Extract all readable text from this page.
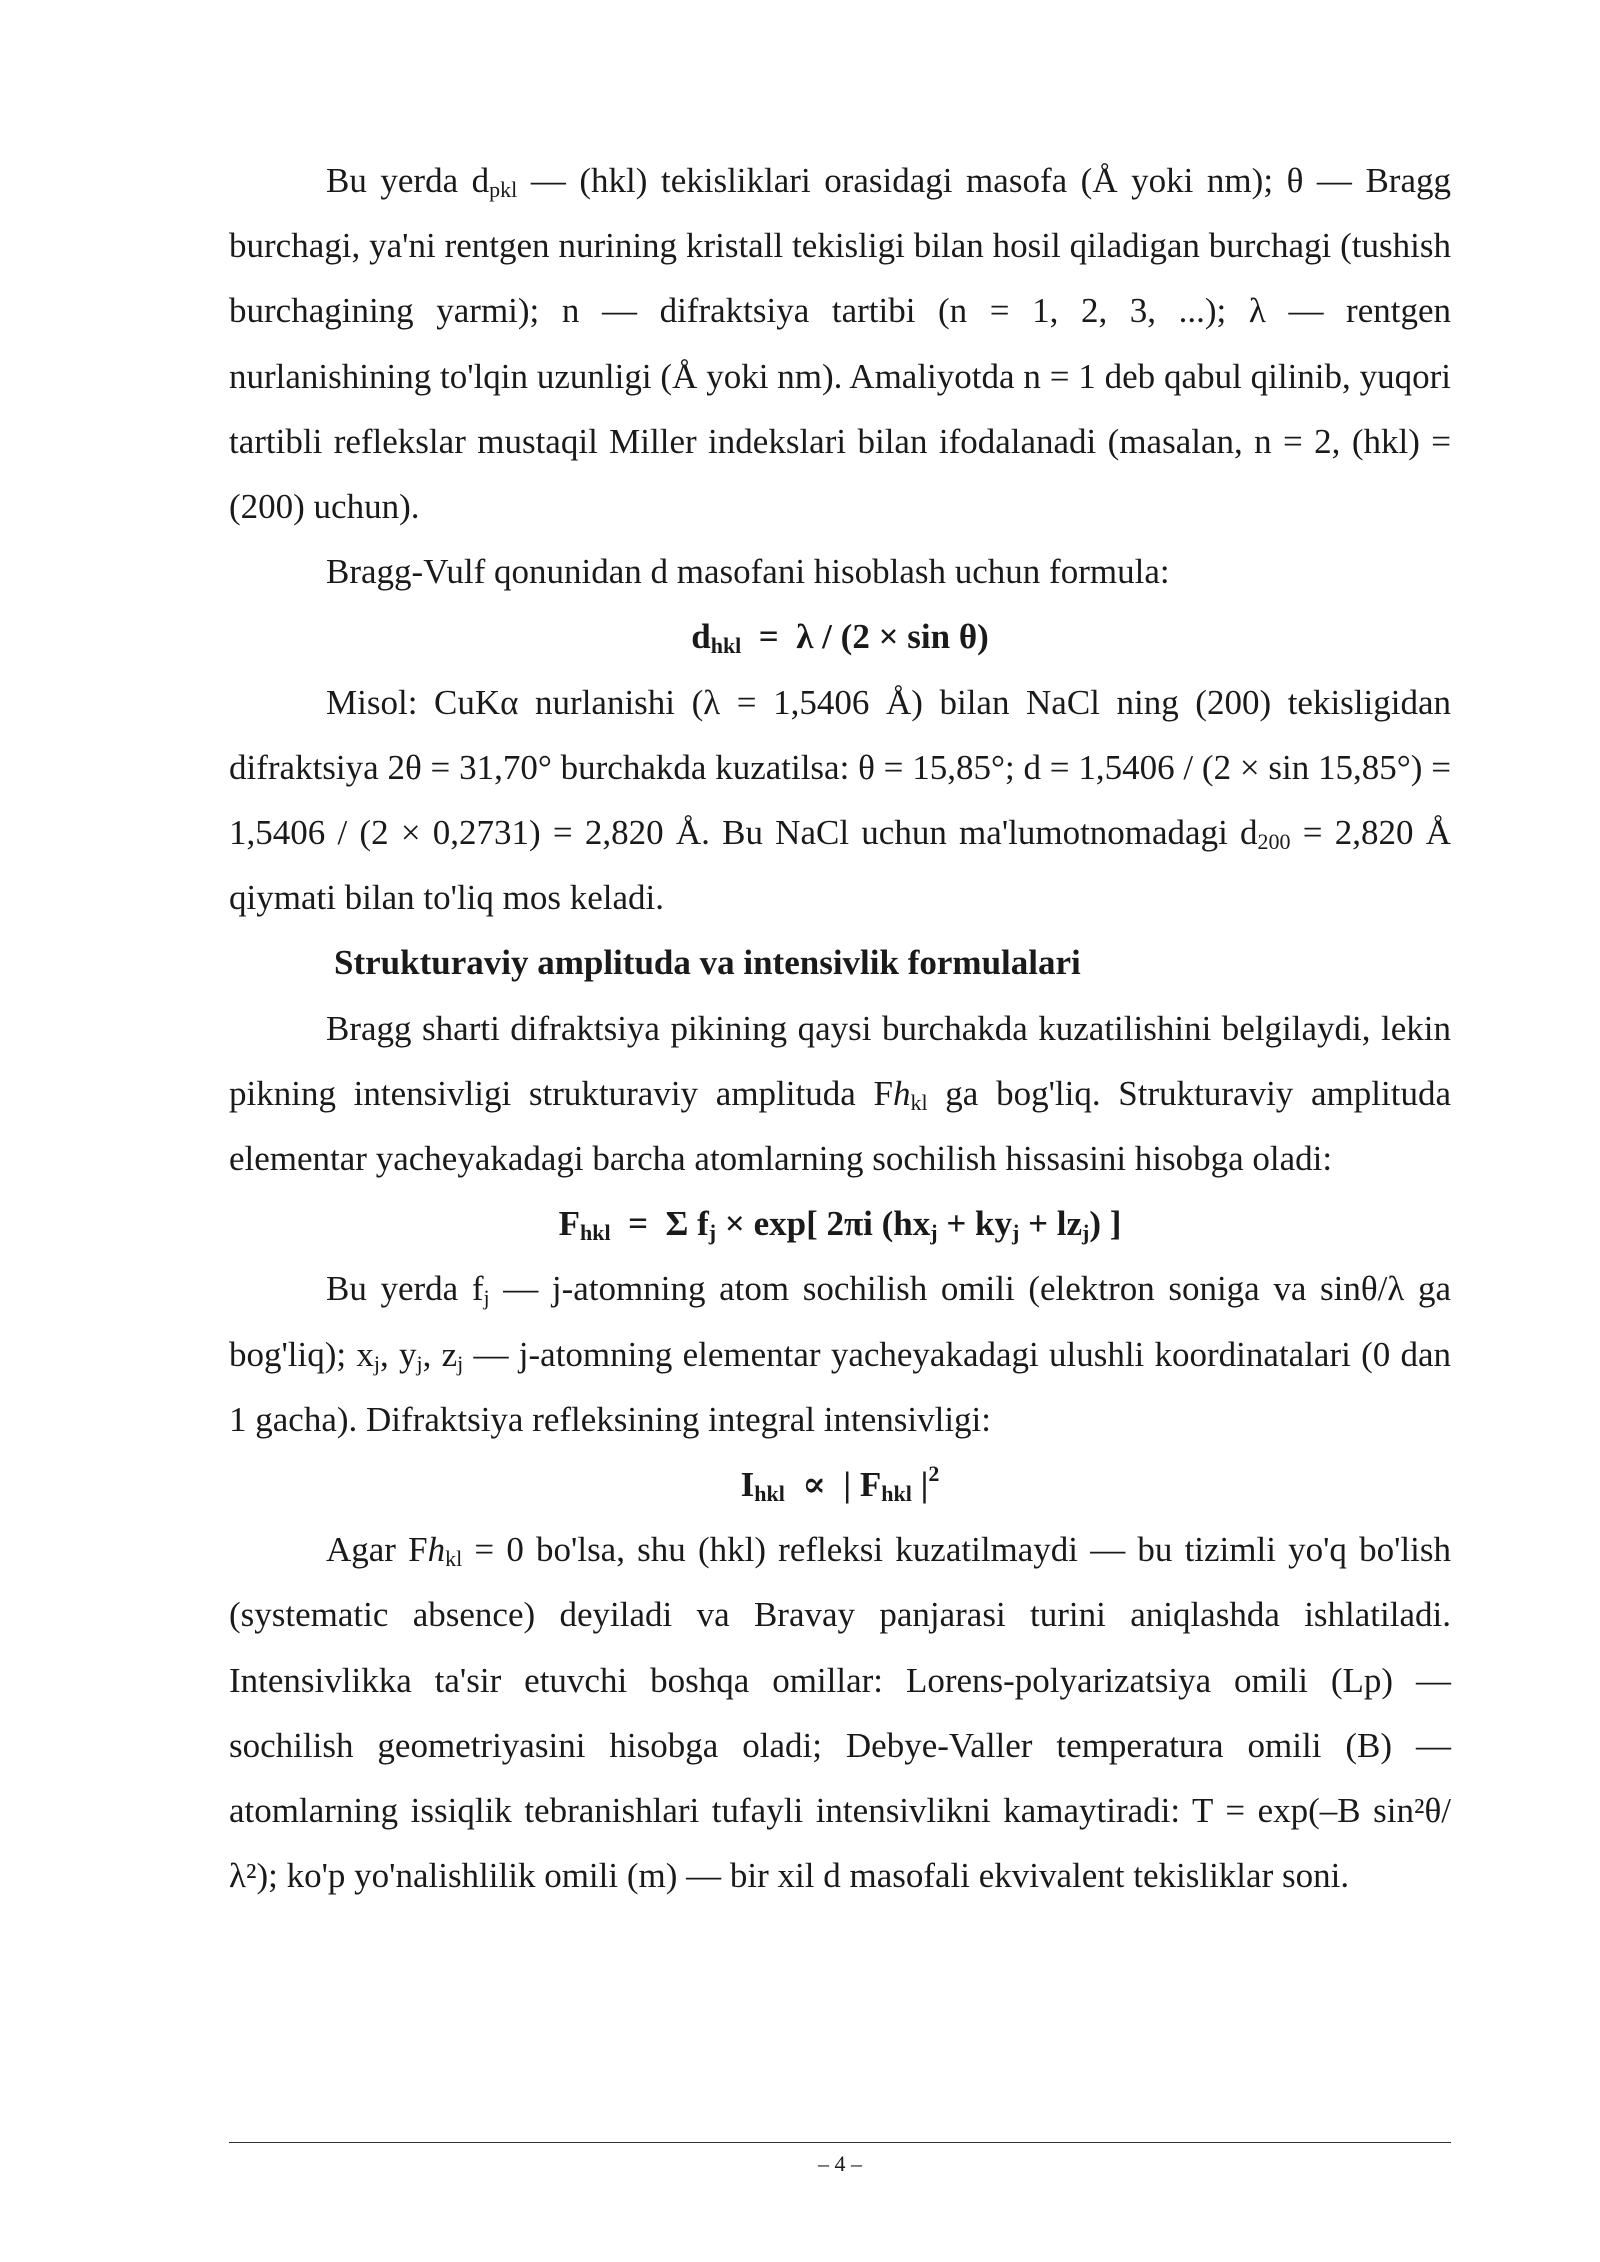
Bu yerda $d_{pkl}$ — (hkl) tekisliklari orasidagi masofa (Å yoki nm); θ — Bragg burchagi, ya'ni rentgen nurining kristall tekisligi bilan hosil qiladigan burchagi (tushish burchagining yarmi); n — difraktsiya tartibi (n = 1, 2, 3, ...); λ — rentgen nurlanishining to'lqin uzunligi (Å yoki nm). Amaliyotda n = 1 deb qabul qilinib, yuqori tartibli reflekslar mustaqil Miller indekslari bilan ifodalanadi (masalan, n = 2, (hkl) = (200) uchun).

Bragg-Vulf qonunidan d masofani hisoblash uchun formula:

$d_{hkl} = \lambda / (2 \times \sin \theta)$

Misol: CuKα nurlanishi (λ = 1,5406 Å) bilan NaCl ning (200) tekisligidan difraktsiya 2θ = 31,70° burchakda kuzatilsa: θ = 15,85°; d = 1,5406 / (2 × sin 15,85°) = 1,5406 / (2 × 0,2731) = 2,820 Å. Bu NaCl uchun ma'lumotnomadagi $d_{200} = 2,820$ Å qiymati bilan to'liq mos keladi.

Strukturaviy amplituda va intensivlik formulalari

Bragg sharti difraktsiya pikining qaysi burchakda kuzatilishini belgilaydi, lekin pikning intensivligi strukturaviy amplituda $Fh_{kl}$ ga bog'liq. Strukturaviy amplituda elementar yacheyakadagi barcha atomlarning sochilish hissasini hisobga oladi:

$F_{hkl} = \Sigma$ $f_j \times \exp$[ 2πi $(hx_j + ky_j + lz_j)$ ]

Bu yerda $f_j$ — j-atomning atom sochilish omili (elektron soniga va sinθ/λ ga bog'liq); $x_j$, $y_j$, $z_j$ — j-atomning elementar yacheyakadagi ulushli koordinatalari (0 dan 1 gacha). Difraktsiya refleksining integral intensivligi:

$I_{hkl}$  ∝  | $F_{hkl}$ $|^2$

Agar $Fh_{kl} = 0$ bo'lsa, shu (hkl) refleksi kuzatilmaydi — bu tizimli yo'q bo'lish (systematic absence) deyiladi va Bravay panjarasi turini aniqlashda ishlatiladi. Intensivlikka ta'sir etuvchi boshqa omillar: Lorens-polyarizatsiya omili (Lp) — sochilish geometriyasini hisobga oladi; Debye-Valler temperatura omili (B) — atomlarning issiqlik tebranishlari tufayli intensivlikni kamaytiradi: T = exp(–B sin²θ/λ²); ko'p yo'nalishlilik omili (m) — bir xil d masofali ekvivalent tekisliklar soni.

– 4 –
